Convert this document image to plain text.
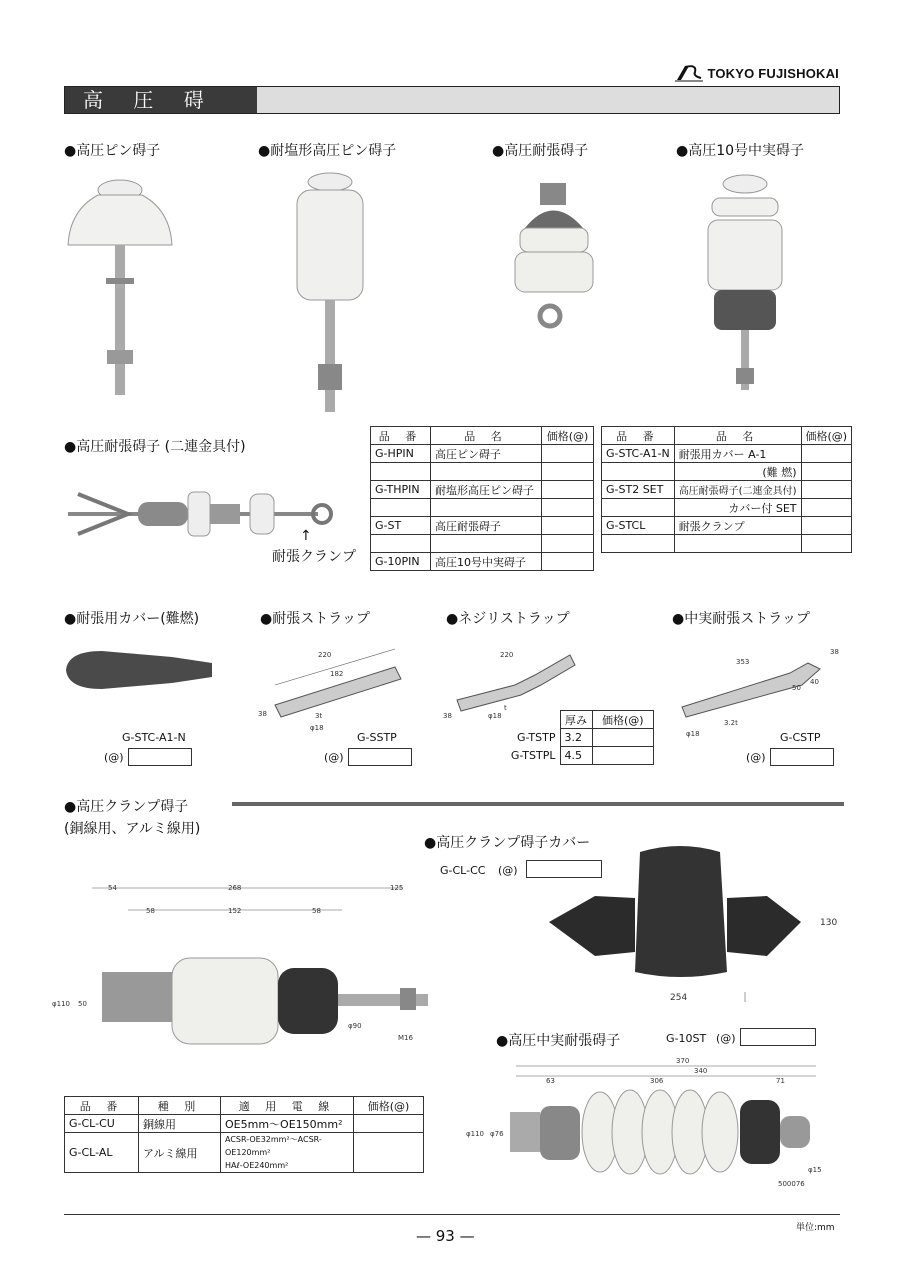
TOKYO FUJISHOKAI
高 圧 碍 子
●高圧ピン碍子	●耐塩形高圧ピン碍子	●高圧耐張碍子	●高圧10号中実碍子
●高圧耐張碍子 (二連金具付)
↑
耐張クランプ
品 番	品 名	価格(@)
G-HPIN	高圧ピン碍子	

G-THPIN	耐塩形高圧ピン碍子	

G-ST	高圧耐張碍子	

G-10PIN	高圧10号中実碍子	
品 番	品 名	価格(@)
G-STC-A1-N	耐張用カバー A-1	
	(難 燃)	
G-ST2 SET	高圧耐張碍子(二連金具付)	
	カバー付 SET	
G-STCL	耐張クランプ	

●耐張用カバー(難燃)	●耐張ストラップ	●ネジリストラップ	●中実耐張ストラップ
G-STC-A1-N
(@)
220
182
38	3t
φ18
G-SSTP
(@)
220
38	φ18
t
	厚み	価格(@)
G-TSTP	3.2	
G-TSTPL	4.5	
353
38
40
50
3.2t
φ18	G-CSTP
(@)
●高圧クランプ碍子
(銅線用、アルミ線用)
54	268	125
58	152	58
φ110 50
φ90
M16
品 番	種 別	適 用 電 線	価格(@)
G-CL-CU	銅線用	OE5mm〜OE150mm²	
G-CL-AL	アルミ線用	ACSR-OE32mm²〜ACSR-OE120mm²
HAℓ-OE240mm²	
●高圧クランプ碍子カバー
G-CL-CC (@)
130
254
●高圧中実耐張碍子	G-10ST (@)
370
340
63	306	71
φ110 φ76
φ15
500076
— 93 —	単位:mm
